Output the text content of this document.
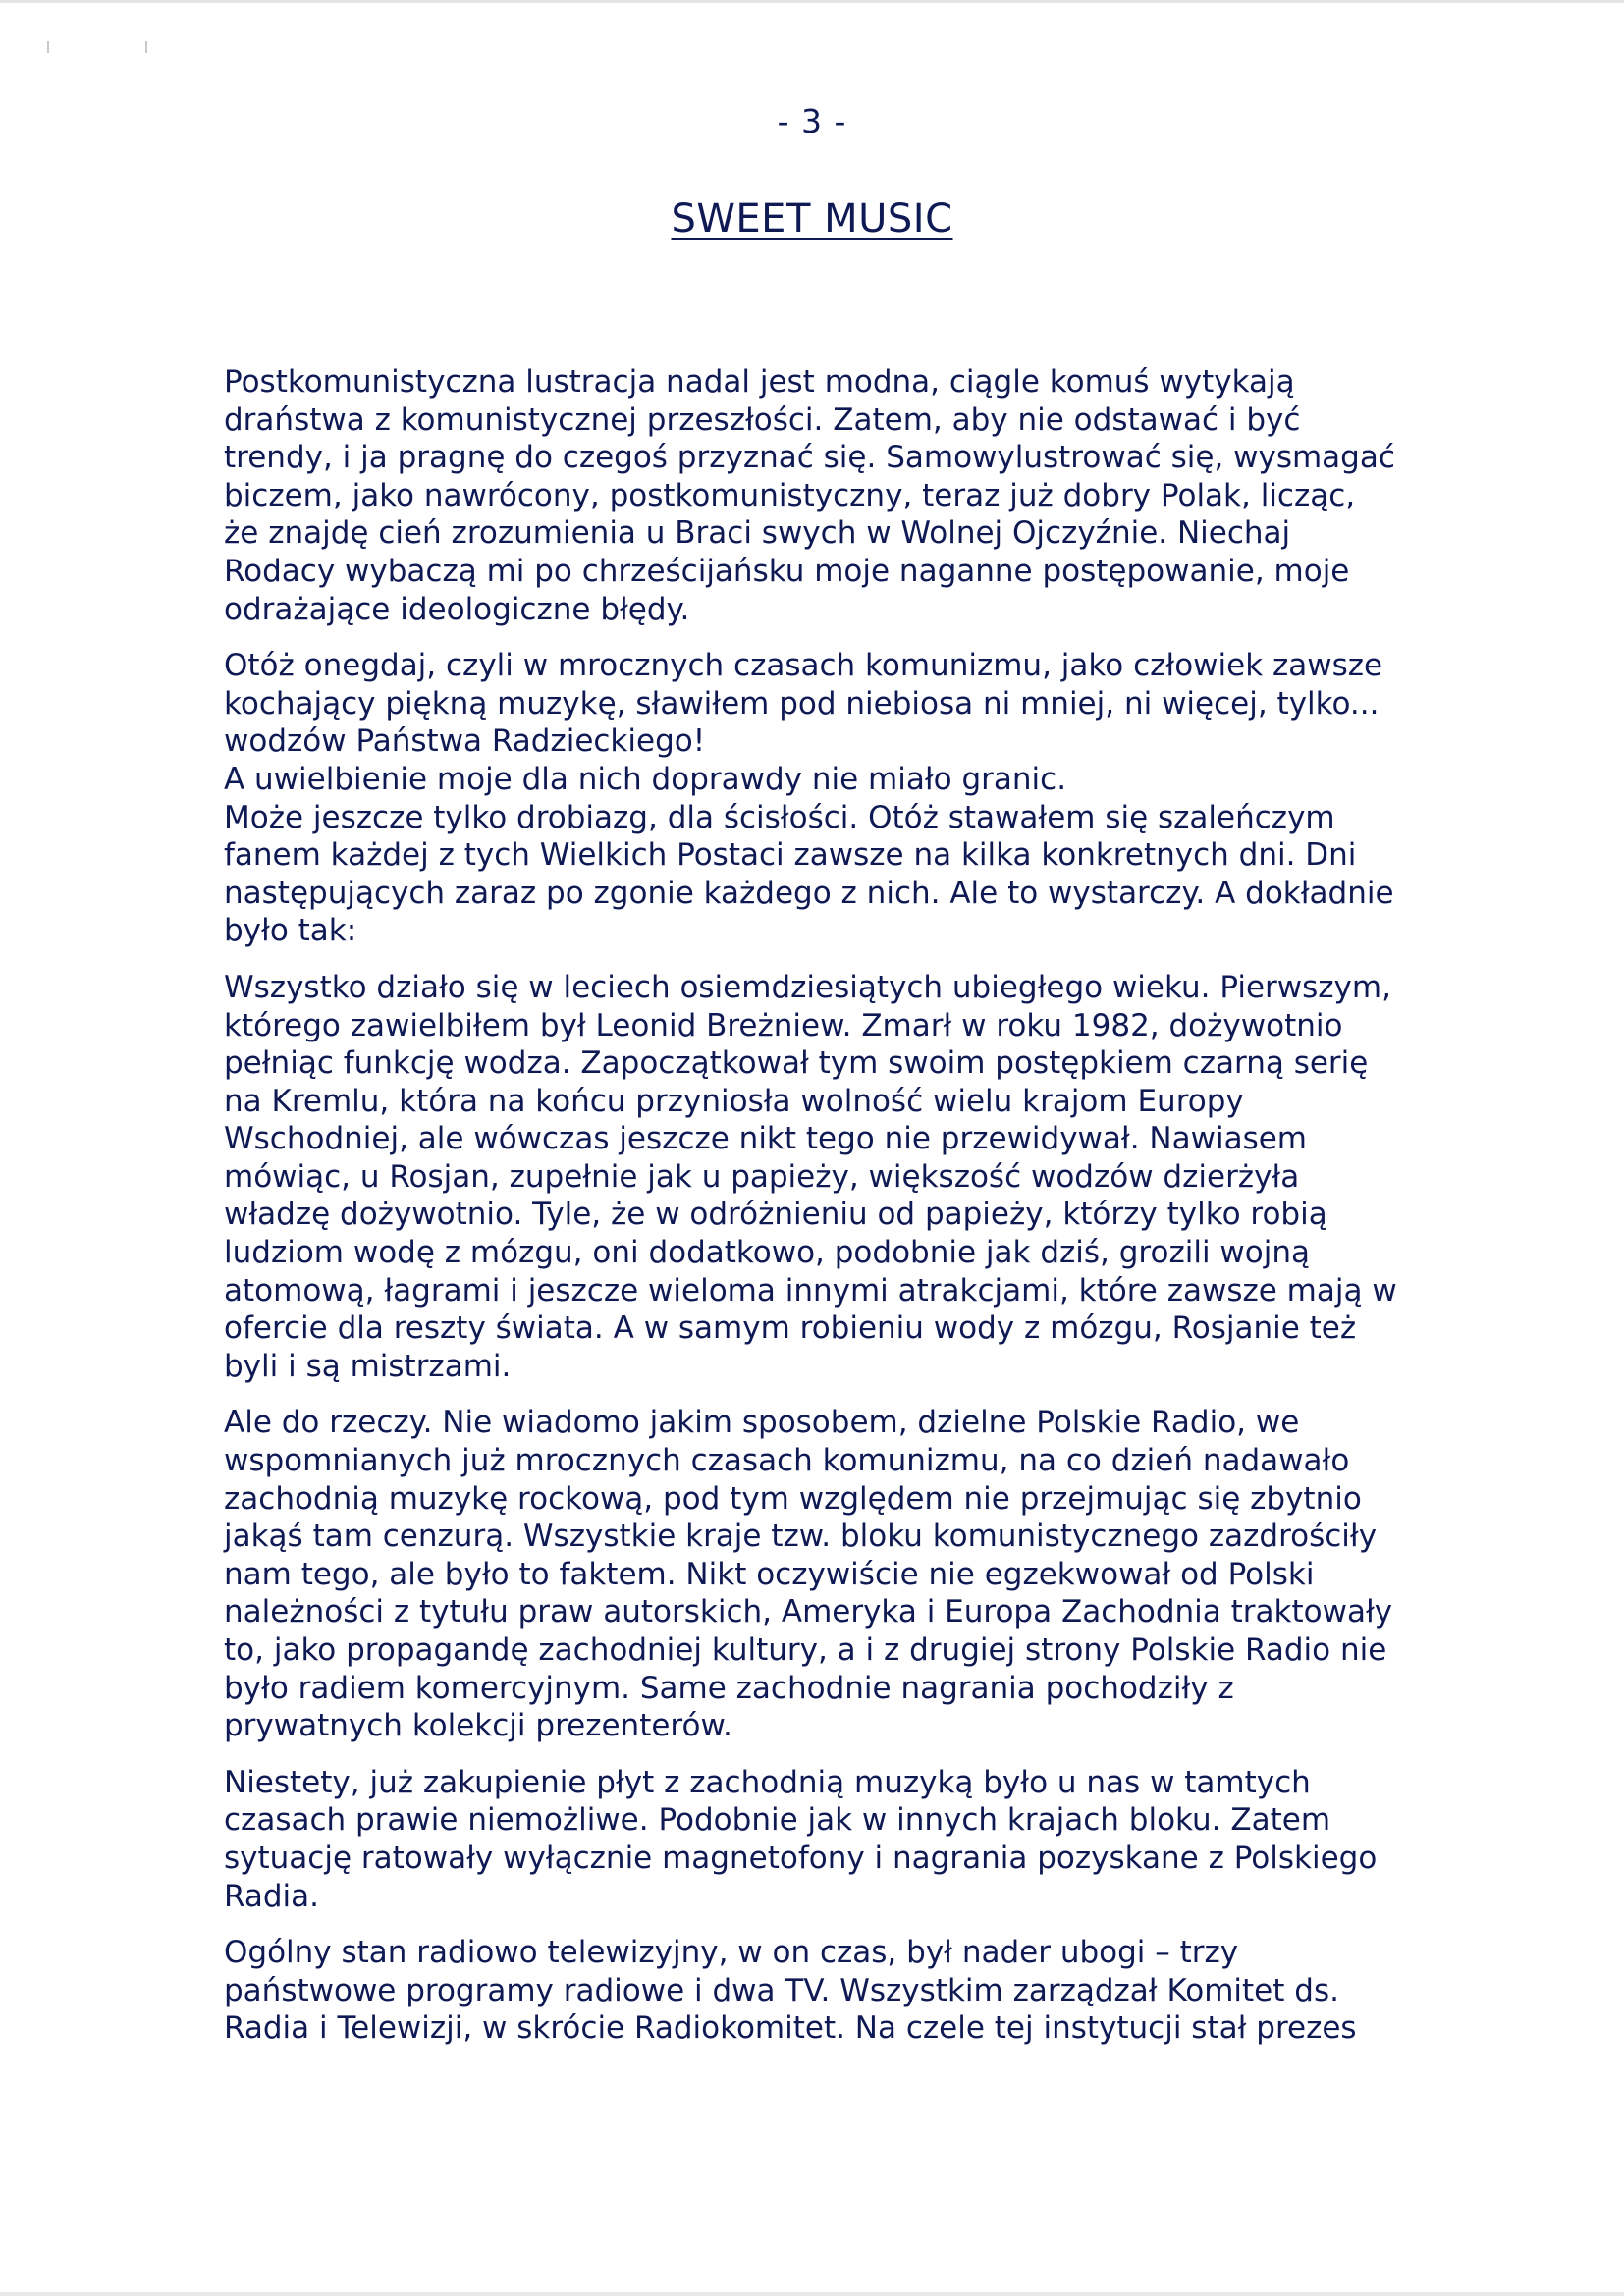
- 3 -
SWEET MUSIC
Postkomunistyczna lustracja nadal jest modna, ciągle komuś wytykają
draństwa z komunistycznej przeszłości. Zatem, aby nie odstawać i być
trendy, i ja pragnę do czegoś przyznać się. Samowylustrować się, wysmagać
biczem, jako nawrócony, postkomunistyczny, teraz już dobry Polak, licząc,
że znajdę cień zrozumienia u Braci swych w Wolnej Ojczyźnie. Niechaj
Rodacy wybaczą mi po chrześcijańsku moje naganne postępowanie, moje
odrażające ideologiczne błędy.
Otóż onegdaj, czyli w mrocznych czasach komunizmu, jako człowiek zawsze
kochający piękną muzykę, sławiłem pod niebiosa ni mniej, ni więcej, tylko...
wodzów Państwa Radzieckiego!
A uwielbienie moje dla nich doprawdy nie miało granic.
Może jeszcze tylko drobiazg, dla ścisłości. Otóż stawałem się szaleńczym
fanem każdej z tych Wielkich Postaci zawsze na kilka konkretnych dni. Dni
następujących zaraz po zgonie każdego z nich. Ale to wystarczy. A dokładnie
było tak:
Wszystko działo się w leciech osiemdziesiątych ubiegłego wieku. Pierwszym,
którego zawielbiłem był Leonid Breżniew. Zmarł w roku 1982, dożywotnio
pełniąc funkcję wodza. Zapoczątkował tym swoim postępkiem czarną serię
na Kremlu, która na końcu przyniosła wolność wielu krajom Europy
Wschodniej, ale wówczas jeszcze nikt tego nie przewidywał. Nawiasem
mówiąc, u Rosjan, zupełnie jak u papieży, większość wodzów dzierżyła
władzę dożywotnio. Tyle, że w odróżnieniu od papieży, którzy tylko robią
ludziom wodę z mózgu, oni dodatkowo, podobnie jak dziś, grozili wojną
atomową, łagrami i jeszcze wieloma innymi atrakcjami, które zawsze mają w
ofercie dla reszty świata. A w samym robieniu wody z mózgu, Rosjanie też
byli i są mistrzami.
Ale do rzeczy. Nie wiadomo jakim sposobem, dzielne Polskie Radio, we
wspomnianych już mrocznych czasach komunizmu, na co dzień nadawało
zachodnią muzykę rockową, pod tym względem nie przejmując się zbytnio
jakąś tam cenzurą. Wszystkie kraje tzw. bloku komunistycznego zazdrościły
nam tego, ale było to faktem. Nikt oczywiście nie egzekwował od Polski
należności z tytułu praw autorskich, Ameryka i Europa Zachodnia traktowały
to, jako propagandę zachodniej kultury, a i z drugiej strony Polskie Radio nie
było radiem komercyjnym. Same zachodnie nagrania pochodziły z
prywatnych kolekcji prezenterów.
Niestety, już zakupienie płyt z zachodnią muzyką było u nas w tamtych
czasach prawie niemożliwe. Podobnie jak w innych krajach bloku. Zatem
sytuację ratowały wyłącznie magnetofony i nagrania pozyskane z Polskiego
Radia.
Ogólny stan radiowo telewizyjny, w on czas, był nader ubogi – trzy
państwowe programy radiowe i dwa TV. Wszystkim zarządzał Komitet ds.
Radia i Telewizji, w skrócie Radiokomitet. Na czele tej instytucji stał prezes
